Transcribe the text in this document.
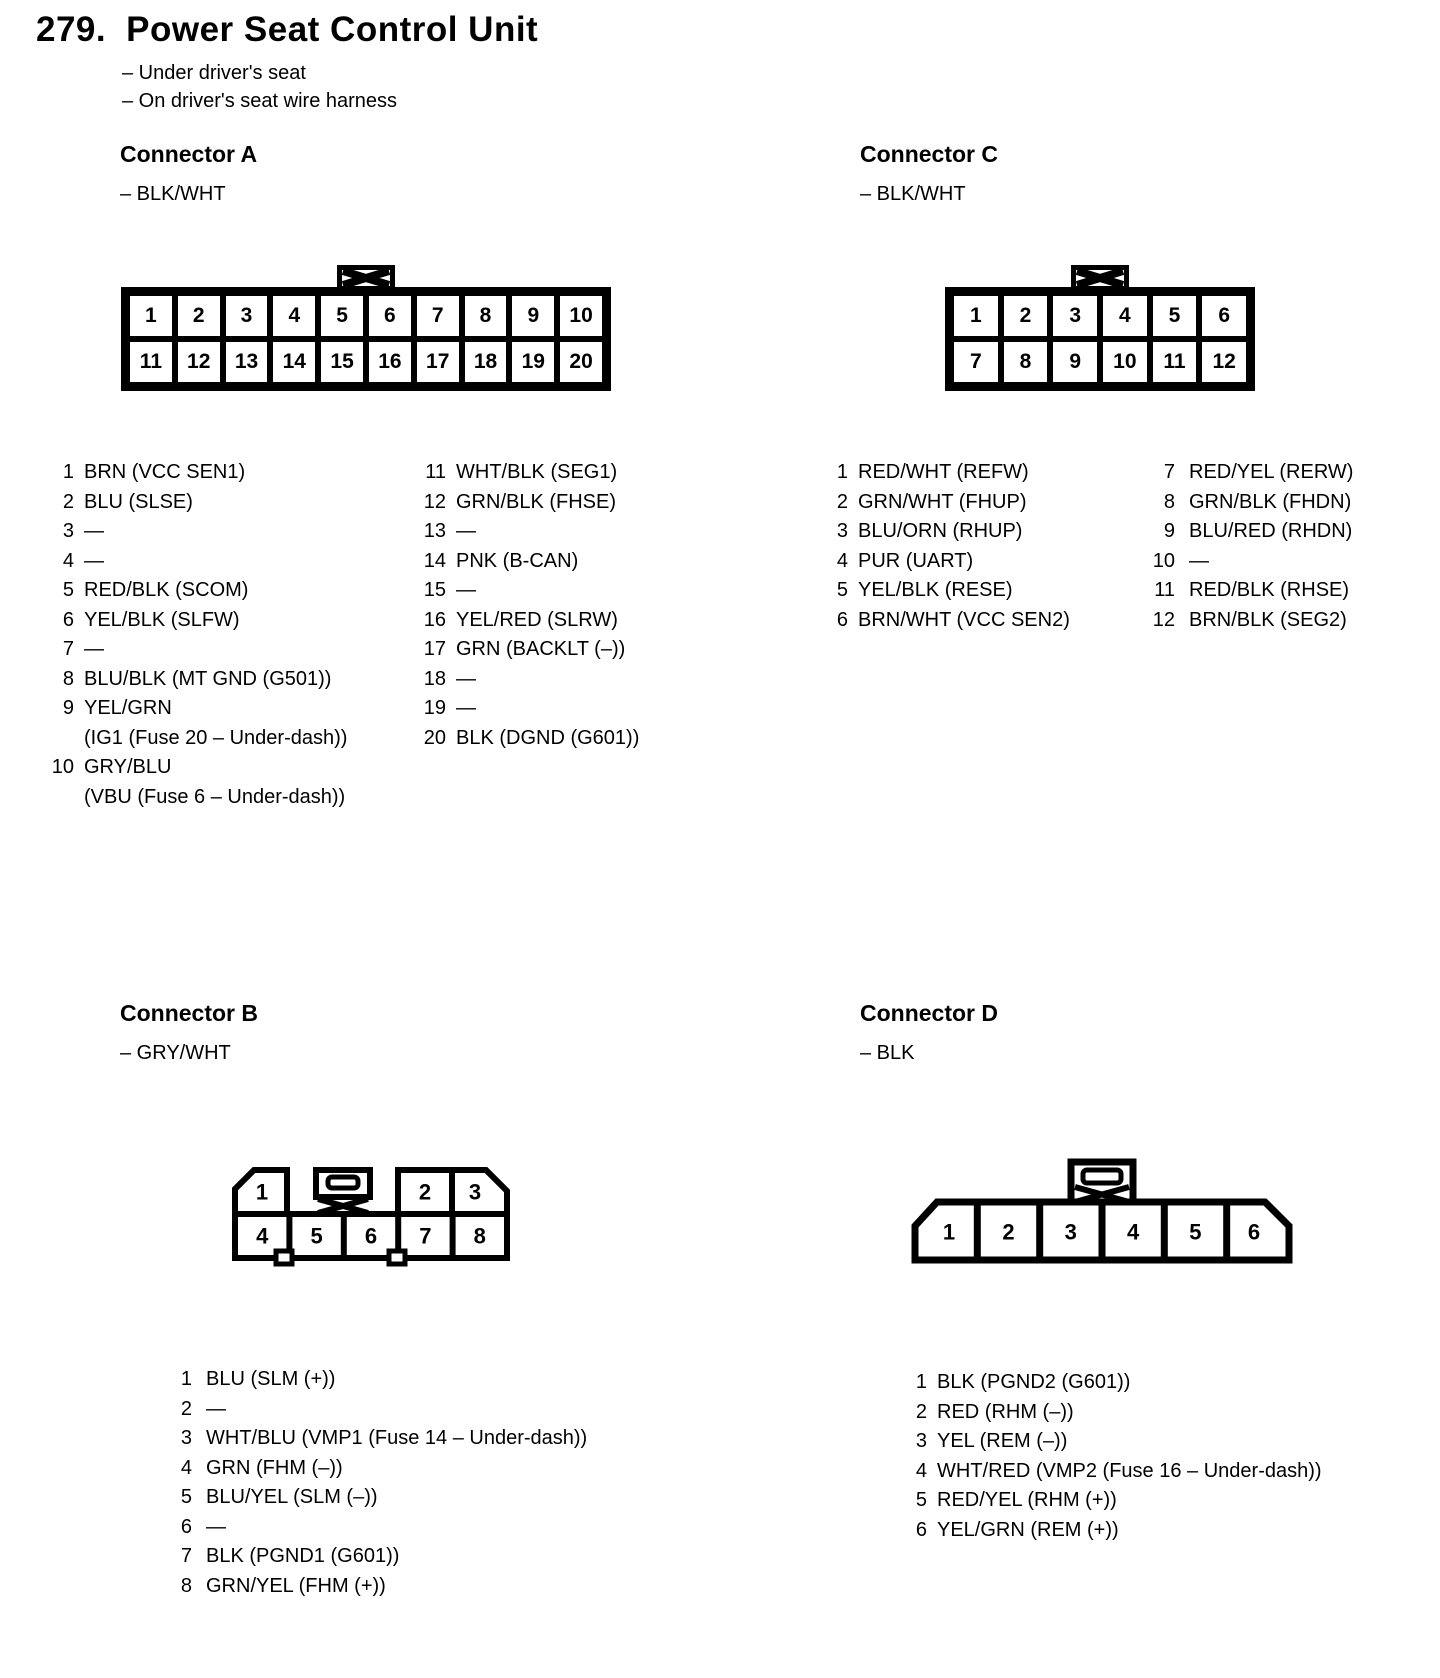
279. Power Seat Control Unit
– Under driver's seat
– On driver's seat wire harness
Connector A

– BLK/WHT

Connector C

– BLK/WHT

1 2 3 4 5 6 7 8 9 10
11 12 13 14 15 16 17 18 19 20
1 2 3 4 5 6
7 8 9 10 11 12
1 BRN (VCC SEN1)
2 BLU (SLSE)
3 —
4 —
5 RED/BLK (SCOM)
6 YEL/BLK (SLFW)
7 —
8 BLU/BLK (MT GND (G501))
9 YEL/GRN
(IG1 (Fuse 20 – Under-dash))
10 GRY/BLU
(VBU (Fuse 6 – Under-dash))
11 WHT/BLK (SEG1)
12 GRN/BLK (FHSE)
13 —
14 PNK (B-CAN)
15 —
16 YEL/RED (SLRW)
17 GRN (BACKLT (–))
18 —
19 —
20 BLK (DGND (G601))
1 RED/WHT (REFW)
2 GRN/WHT (FHUP)
3 BLU/ORN (RHUP)
4 PUR (UART)
5 YEL/BLK (RESE)
6 BRN/WHT (VCC SEN2)
7 RED/YEL (RERW)
8 GRN/BLK (FHDN)
9 BLU/RED (RHDN)
10 —
11 RED/BLK (RHSE)
12 BRN/BLK (SEG2)
Connector B

– GRY/WHT

Connector D

– BLK

1	2 3
4 5 6 7 8	1 2 3 4 5 6
1 BLU (SLM (+))
2 —
3 WHT/BLU (VMP1 (Fuse 14 – Under-dash))
4 GRN (FHM (–))
5 BLU/YEL (SLM (–))
6 —
7 BLK (PGND1 (G601))
8 GRN/YEL (FHM (+))
1 BLK (PGND2 (G601))
2 RED (RHM (–))
3 YEL (REM (–))
4 WHT/RED (VMP2 (Fuse 16 – Under-dash))
5 RED/YEL (RHM (+))
6 YEL/GRN (REM (+))
